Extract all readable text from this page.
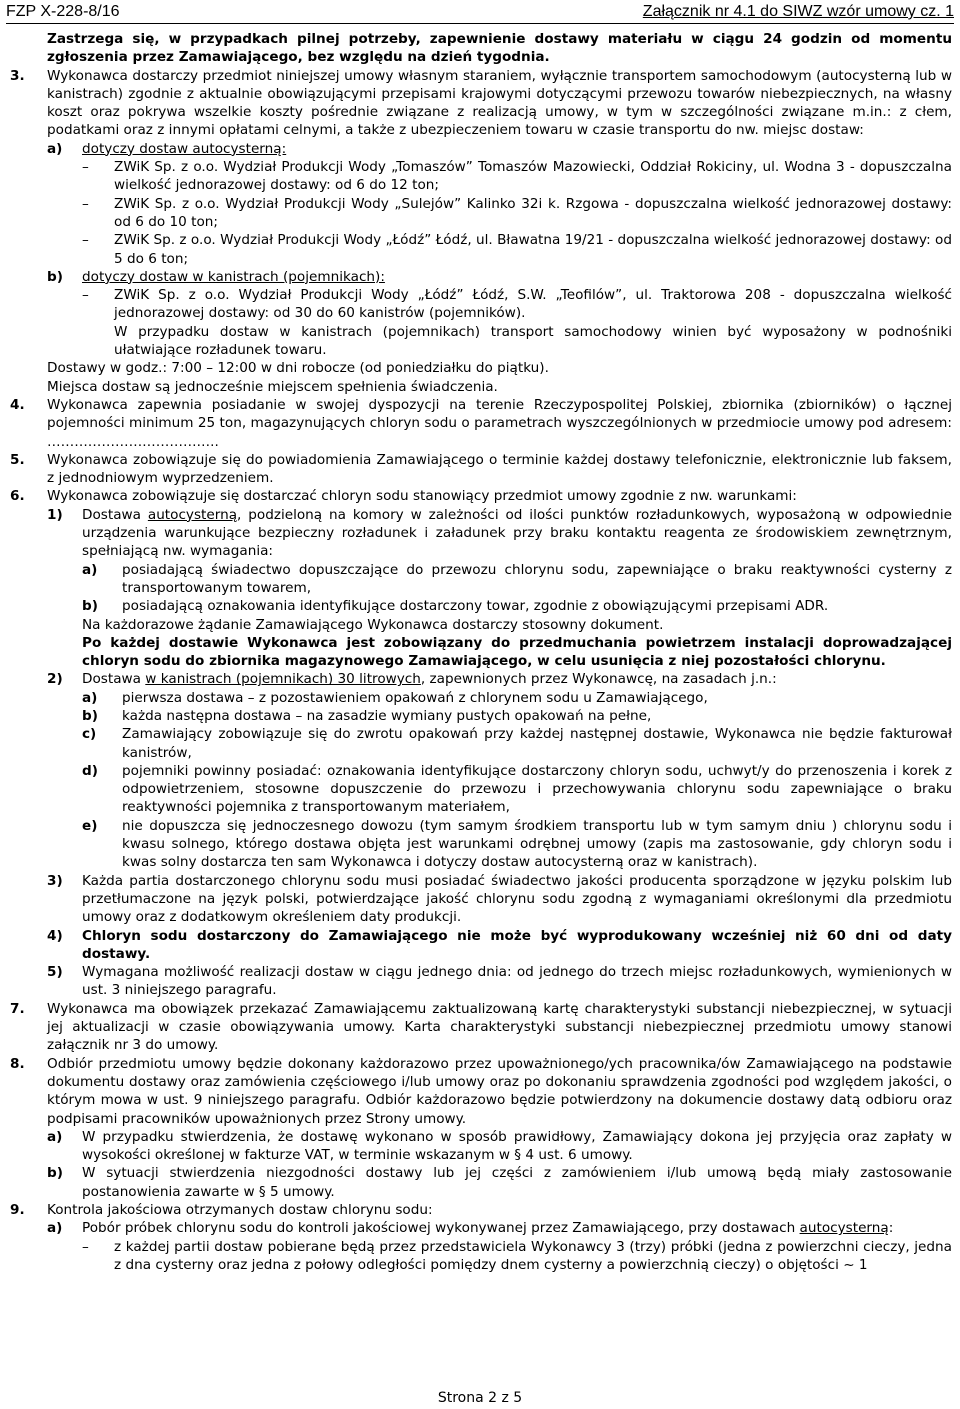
FZP X-228-8/16	Załącznik nr 4.1 do SIWZ wzór umowy cz. 1

Zastrzega się, w przypadkach pilnej potrzeby, zapewnienie dostawy materiału w ciągu 24 godzin od momentu zgłoszenia przez Zamawiającego, bez względu na dzień tygodnia.

3.	Wykonawca dostarczy przedmiot niniejszej umowy własnym staraniem, wyłącznie transportem samochodowym (autocysterną lub w kanistrach) zgodnie z aktualnie obowiązującymi przepisami krajowymi dotyczącymi przewozu towarów niebezpiecznych, na własny koszt oraz pokrywa wszelkie koszty pośrednie związane z realizacją umowy, w tym w szczególności związane m.in.: z cłem, podatkami oraz z innymi opłatami celnymi, a także z ubezpieczeniem towaru w czasie transportu do nw. miejsc dostaw:

a) dotyczy dostaw autocysterną:

– ZWiK Sp. z o.o. Wydział Produkcji Wody „Tomaszów” Tomaszów Mazowiecki, Oddział Rokiciny, ul. Wodna 3 - dopuszczalna wielkość jednorazowej dostawy: od 6 do 12 ton;

– ZWiK Sp. z o.o. Wydział Produkcji Wody „Sulejów” Kalinko 32i k. Rzgowa - dopuszczalna wielkość jednorazowej dostawy: od 6 do 10 ton;

– ZWiK Sp. z o.o. Wydział Produkcji Wody „Łódź” Łódź, ul. Bławatna 19/21 - dopuszczalna wielkość jednorazowej dostawy: od 5 do 6 ton;

b) dotyczy dostaw w kanistrach (pojemnikach):

– ZWiK Sp. z o.o. Wydział Produkcji Wody „Łódź” Łódź, S.W. „Teofilów”, ul. Traktorowa 208 - dopuszczalna wielkość jednorazowej dostawy: od 30 do 60 kanistrów (pojemników).

W przypadku dostaw w kanistrach (pojemnikach) transport samochodowy winien być wyposażony w podnośniki ułatwiające rozładunek towaru.

Dostawy w godz.: 7:00 – 12:00 w dni robocze (od poniedziałku do piątku).

Miejsca dostaw są jednocześnie miejscem spełnienia świadczenia.

4.	Wykonawca zapewnia posiadanie w swojej dyspozycji na terenie Rzeczypospolitej Polskiej, zbiornika (zbiorników) o łącznej pojemności minimum 25 ton, magazynujących chloryn sodu o parametrach wyszczególnionych w przedmiocie umowy pod adresem: ………………………………..

5.	Wykonawca zobowiązuje się do powiadomienia Zamawiającego o terminie każdej dostawy telefonicznie, elektronicznie lub faksem, z jednodniowym wyprzedzeniem.

6.	Wykonawca zobowiązuje się dostarczać chloryn sodu stanowiący przedmiot umowy zgodnie z nw. warunkami:

1) Dostawa autocysterną, podzieloną na komory w zależności od ilości punktów rozładunkowych, wyposażoną w odpowiednie urządzenia warunkujące bezpieczny rozładunek i załadunek przy braku kontaktu reagenta ze środowiskiem zewnętrznym, spełniającą nw. wymagania:

a) posiadającą świadectwo dopuszczające do przewozu chlorynu sodu, zapewniające o braku reaktywności cysterny z transportowanym towarem,

b) posiadającą oznakowania identyfikujące dostarczony towar, zgodnie z obowiązującymi przepisami ADR.

Na każdorazowe żądanie Zamawiającego Wykonawca dostarczy stosowny dokument.

Po każdej dostawie Wykonawca jest zobowiązany do przedmuchania powietrzem instalacji doprowadzającej chloryn sodu do zbiornika magazynowego Zamawiającego, w celu usunięcia z niej pozostałości chlorynu.

2) Dostawa w kanistrach (pojemnikach) 30 litrowych, zapewnionych przez Wykonawcę, na zasadach j.n.:

a) pierwsza dostawa – z pozostawieniem opakowań z chlorynem sodu u Zamawiającego,

b) każda następna dostawa – na zasadzie wymiany pustych opakowań na pełne,

c) Zamawiający zobowiązuje się do zwrotu opakowań przy każdej następnej dostawie, Wykonawca nie będzie fakturował kanistrów,

d) pojemniki powinny posiadać: oznakowania identyfikujące dostarczony chloryn sodu, uchwyt/y do przenoszenia i korek z odpowietrzeniem, stosowne dopuszczenie do przewozu i przechowywania chlorynu sodu zapewniające o braku reaktywności pojemnika z transportowanym materiałem,

e) nie dopuszcza się jednoczesnego dowozu (tym samym środkiem transportu lub w tym samym dniu ) chlorynu sodu i kwasu solnego, którego dostawa objęta jest warunkami odrębnej umowy (zapis ma zastosowanie, gdy chloryn sodu i kwas solny dostarcza ten sam Wykonawca i dotyczy dostaw autocysterną oraz w kanistrach).

3) Każda partia dostarczonego chlorynu sodu musi posiadać świadectwo jakości producenta sporządzone w języku polskim lub przetłumaczone na język polski, potwierdzające jakość chlorynu sodu zgodną z wymaganiami określonymi dla przedmiotu umowy oraz z dodatkowym określeniem daty produkcji.

4) Chloryn sodu dostarczony do Zamawiającego nie może być wyprodukowany wcześniej niż 60 dni od daty dostawy.

5) Wymagana możliwość realizacji dostaw w ciągu jednego dnia: od jednego do trzech miejsc rozładunkowych, wymienionych w ust. 3 niniejszego paragrafu.

7.	Wykonawca ma obowiązek przekazać Zamawiającemu zaktualizowaną kartę charakterystyki substancji niebezpiecznej, w sytuacji jej aktualizacji w czasie obowiązywania umowy. Karta charakterystyki substancji niebezpiecznej przedmiotu umowy stanowi załącznik nr 3 do umowy.

8.	Odbiór przedmiotu umowy będzie dokonany każdorazowo przez upoważnionego/ych pracownika/ów Zamawiającego na podstawie dokumentu dostawy oraz zamówienia częściowego i/lub umowy oraz po dokonaniu sprawdzenia zgodności pod względem jakości, o którym mowa w ust. 9 niniejszego paragrafu. Odbiór każdorazowo będzie potwierdzony na dokumencie dostawy datą odbioru oraz podpisami pracowników upoważnionych przez Strony umowy.

a) W przypadku stwierdzenia, że dostawę wykonano w sposób prawidłowy, Zamawiający dokona jej przyjęcia oraz zapłaty w wysokości określonej w fakturze VAT, w terminie wskazanym w § 4 ust. 6 umowy.

b) W sytuacji stwierdzenia niezgodności dostawy lub jej części z zamówieniem i/lub umową będą miały zastosowanie postanowienia zawarte w § 5 umowy.

9.	Kontrola jakościowa otrzymanych dostaw chlorynu sodu:

a) Pobór próbek chlorynu sodu do kontroli jakościowej wykonywanej przez Zamawiającego, przy dostawach autocysterną:

– z każdej partii dostaw pobierane będą przez przedstawiciela Wykonawcy 3 (trzy) próbki (jedna z powierzchni cieczy, jedna z dna cysterny oraz jedna z połowy odległości pomiędzy dnem cysterny a powierzchnią cieczy) o objętości ~ 1

Strona 2 z 5
